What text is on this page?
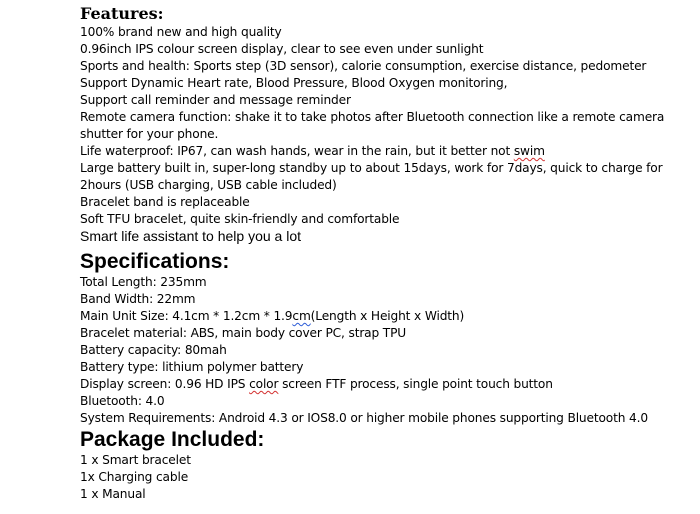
Features:
100% brand new and high quality
0.96inch IPS colour screen display, clear to see even under sunlight
Sports and health: Sports step (3D sensor), calorie consumption, exercise distance, pedometer
Support Dynamic Heart rate, Blood Pressure, Blood Oxygen monitoring,
Support call reminder and message reminder
Remote camera function: shake it to take photos after Bluetooth connection like a remote camera
shutter for your phone.
Life waterproof: IP67, can wash hands, wear in the rain, but it better not swim
Large battery built in, super-long standby up to about 15days, work for 7days, quick to charge for
2hours (USB charging, USB cable included)
Bracelet band is replaceable
Soft TFU bracelet, quite skin-friendly and comfortable
Smart life assistant to help you a lot
Specifications:
Total Length: 235mm
Band Width: 22mm
Main Unit Size: 4.1cm * 1.2cm * 1.9cm(Length x Height x Width)
Bracelet material: ABS, main body cover PC, strap TPU
Battery capacity: 80mah
Battery type: lithium polymer battery
Display screen: 0.96 HD IPS color screen FTF process, single point touch button
Bluetooth: 4.0
System Requirements: Android 4.3 or IOS8.0 or higher mobile phones supporting Bluetooth 4.0
Package Included:
1 x Smart bracelet
1x Charging cable
1 x Manual
